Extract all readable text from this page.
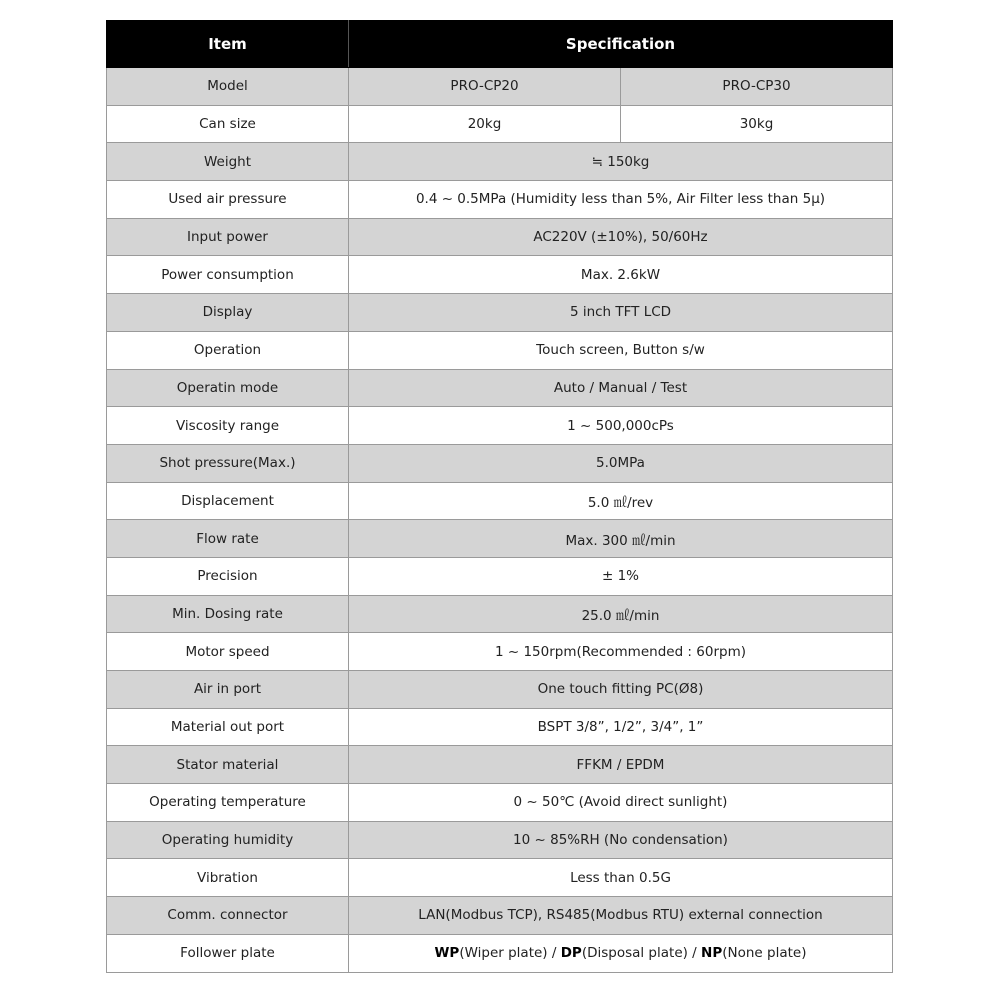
Item	Specification	
Model	PRO-CP20	PRO-CP30
Can size	20kg	30kg
Weight	≒ 150kg	
Used air pressure	0.4 ~ 0.5MPa (Humidity less than 5%, Air Filter less than 5μ)	
Input power	AC220V (±10%), 50/60Hz	
Power consumption	Max. 2.6kW	
Display	5 inch TFT LCD	
Operation	Touch screen, Button s/w	
Operatin mode	Auto / Manual / Test	
Viscosity range	1 ~ 500,000cPs	
Shot pressure(Max.)	5.0MPa	
Displacement	5.0 ㎖/rev	
Flow rate	Max. 300 ㎖/min	
Precision	± 1%	
Min. Dosing rate	25.0 ㎖/min	
Motor speed	1 ~ 150rpm(Recommended : 60rpm)	
Air in port	One touch fitting PC(Ø8)	
Material out port	BSPT 3/8”, 1/2”, 3/4”, 1”	
Stator material	FFKM / EPDM	
Operating temperature	0 ~ 50℃ (Avoid direct sunlight)	
Operating humidity	10 ~ 85%RH (No condensation)	
Vibration	Less than 0.5G	
Comm. connector	LAN(Modbus TCP), RS485(Modbus RTU) external connection	
Follower plate	WP(Wiper plate) / DP(Disposal plate) / NP(None plate)	
